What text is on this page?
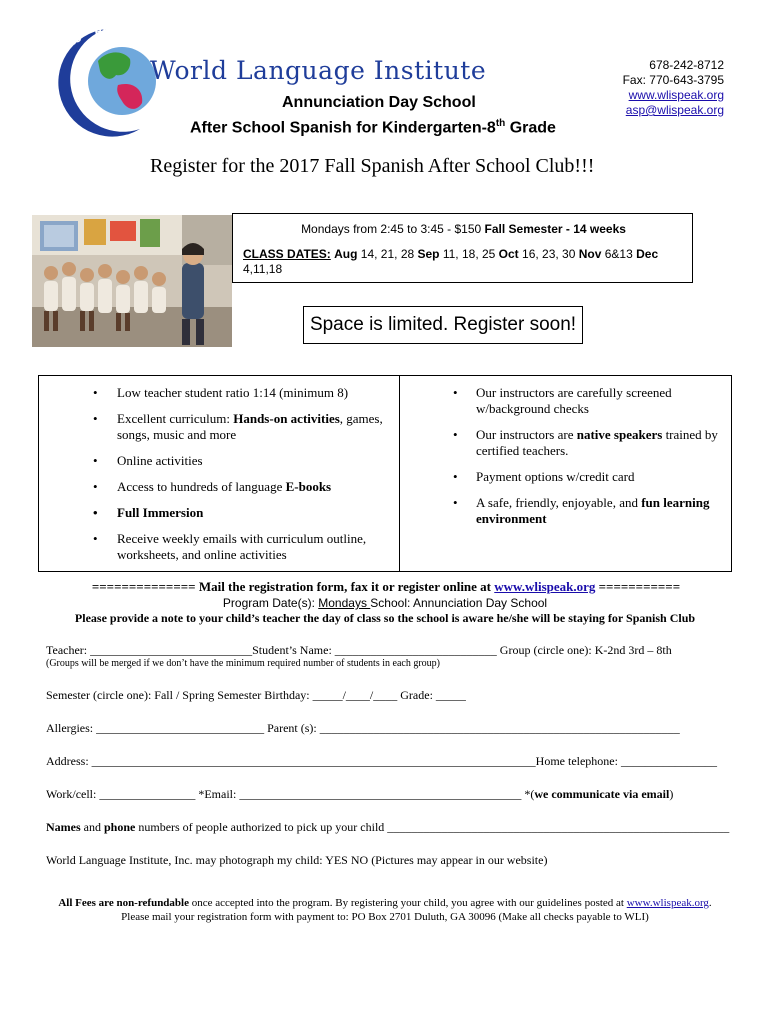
BONJOUR CIAO HELLO HO
World Language Institute
Annunciation Day School
After School Spanish for Kindergarten-8th Grade
678-242-8712
Fax: 770-643-3795
www.wlispeak.org
asp@wlispeak.org
Register for the 2017 Fall Spanish After School Club!!!
Mondays from 2:45 to 3:45 - $150 Fall Semester - 14 weeks
CLASS DATES: Aug 14, 21, 28 Sep 11, 18, 25 Oct 16, 23, 30 Nov 6&13 Dec
4,11,18
Space is limited. Register soon!
• Low teacher student ratio 1:14 (minimum 8)
• Excellent curriculum: Hands-on activities, games, songs, music and more
• Online activities
• Access to hundreds of language E-books
• Full Immersion
• Receive weekly emails with curriculum outline, worksheets, and online activities
• Our instructors are carefully screened w/background checks
• Our instructors are native speakers trained by certified teachers.
• Payment options w/credit card
• A safe, friendly, enjoyable, and fun learning environment
============== Mail the registration form, fax it or register online at www.wlispeak.org ===========
Program Date(s): Mondays School: Annunciation Day School
Please provide a note to your child’s teacher the day of class so the school is aware he/she will be staying for Spanish Club
Teacher: ___________________________Student’s Name: ___________________________ Group (circle one): K-2nd 3rd – 8th
(Groups will be merged if we don’t have the minimum required number of students in each group)
Semester (circle one): Fall / Spring Semester Birthday: _____/____/____ Grade: _____
Allergies: ____________________________ Parent (s): ____________________________________________________________
Address: __________________________________________________________________________Home telephone: ________________
Work/cell: ________________ *Email: _______________________________________________ *(we communicate via email)
Names and phone numbers of people authorized to pick up your child _________________________________________________________
World Language Institute, Inc. may photograph my child: YES NO (Pictures may appear in our website)
All Fees are non-refundable once accepted into the program. By registering your child, you agree with our guidelines posted at www.wlispeak.org.
Please mail your registration form with payment to: PO Box 2701 Duluth, GA 30096 (Make all checks payable to WLI)
